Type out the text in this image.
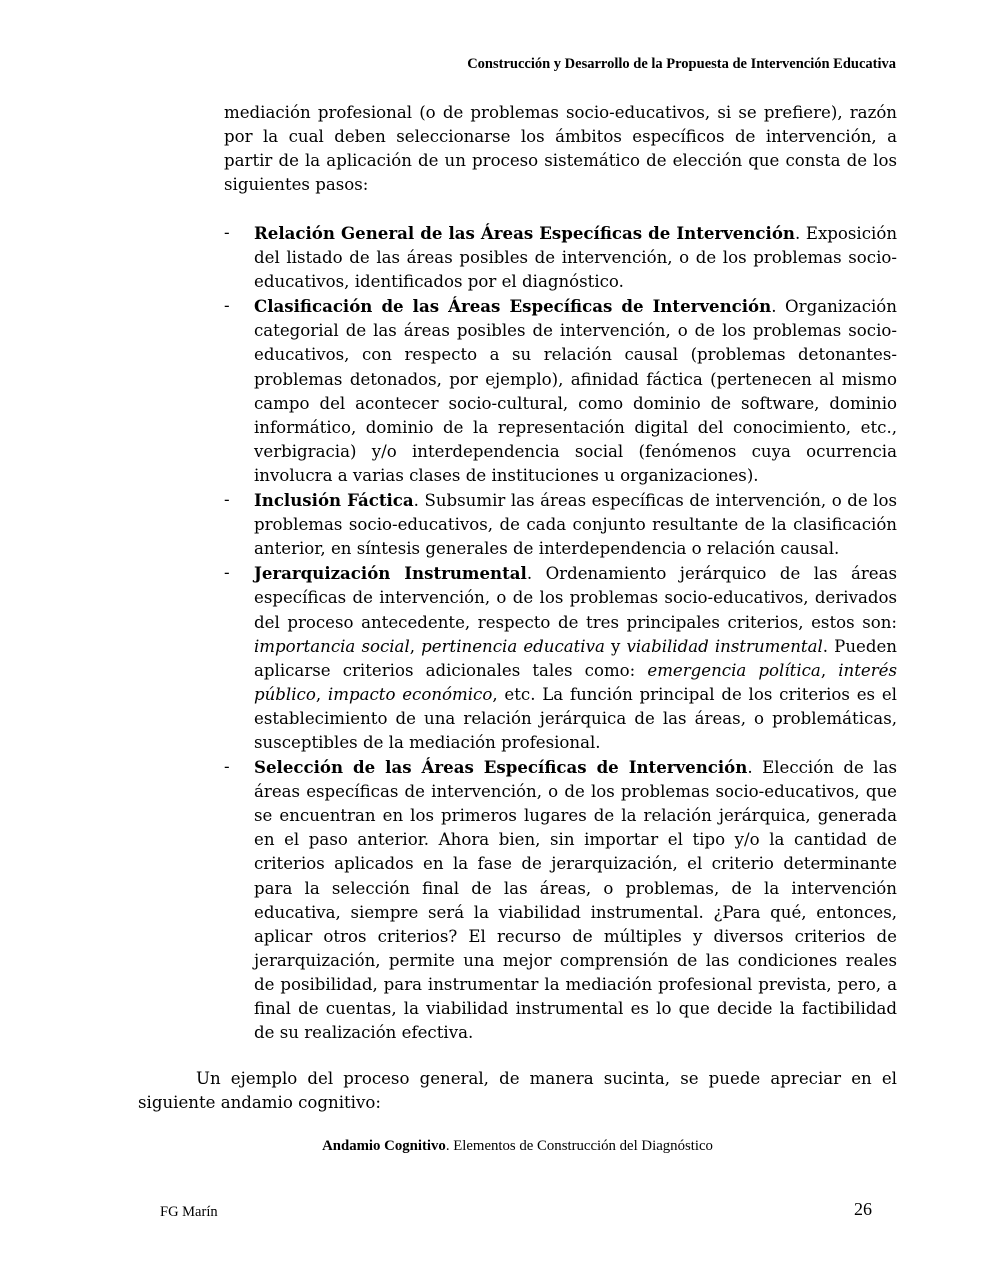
Construcción y Desarrollo de la Propuesta de Intervención Educativa

mediación profesional (o de problemas socio-educativos, si se prefiere), razón por la cual deben seleccionarse los ámbitos específicos de intervención, a partir de la aplicación de un proceso sistemático de elección que consta de los siguientes pasos:

- Relación General de las Áreas Específicas de Intervención. Exposición del listado de las áreas posibles de intervención, o de los problemas socio-educativos, identificados por el diagnóstico.
- Clasificación de las Áreas Específicas de Intervención. Organización categorial de las áreas posibles de intervención, o de los problemas socio-educativos, con respecto a su relación causal (problemas detonantes-problemas detonados, por ejemplo), afinidad fáctica (pertenecen al mismo campo del acontecer socio-cultural, como dominio de software, dominio informático, dominio de la representación digital del conocimiento, etc., verbigracia) y/o interdependencia social (fenómenos cuya ocurrencia involucra a varias clases de instituciones u organizaciones).
- Inclusión Fáctica. Subsumir las áreas específicas de intervención, o de los problemas socio-educativos, de cada conjunto resultante de la clasificación anterior, en síntesis generales de interdependencia o relación causal.
- Jerarquización Instrumental. Ordenamiento jerárquico de las áreas específicas de intervención, o de los problemas socio-educativos, derivados del proceso antecedente, respecto de tres principales criterios, estos son: importancia social, pertinencia educativa y viabilidad instrumental. Pueden aplicarse criterios adicionales tales como: emergencia política, interés público, impacto económico, etc. La función principal de los criterios es el establecimiento de una relación jerárquica de las áreas, o problemáticas, susceptibles de la mediación profesional.
- Selección de las Áreas Específicas de Intervención. Elección de las áreas específicas de intervención, o de los problemas socio-educativos, que se encuentran en los primeros lugares de la relación jerárquica, generada en el paso anterior. Ahora bien, sin importar el tipo y/o la cantidad de criterios aplicados en la fase de jerarquización, el criterio determinante para la selección final de las áreas, o problemas, de la intervención educativa, siempre será la viabilidad instrumental. ¿Para qué, entonces, aplicar otros criterios? El recurso de múltiples y diversos criterios de jerarquización, permite una mejor comprensión de las condiciones reales de posibilidad, para instrumentar la mediación profesional prevista, pero, a final de cuentas, la viabilidad instrumental es lo que decide la factibilidad de su realización efectiva.

Un ejemplo del proceso general, de manera sucinta, se puede apreciar en el siguiente andamio cognitivo:

Andamio Cognitivo. Elementos de Construcción del Diagnóstico
FG Marín	26
